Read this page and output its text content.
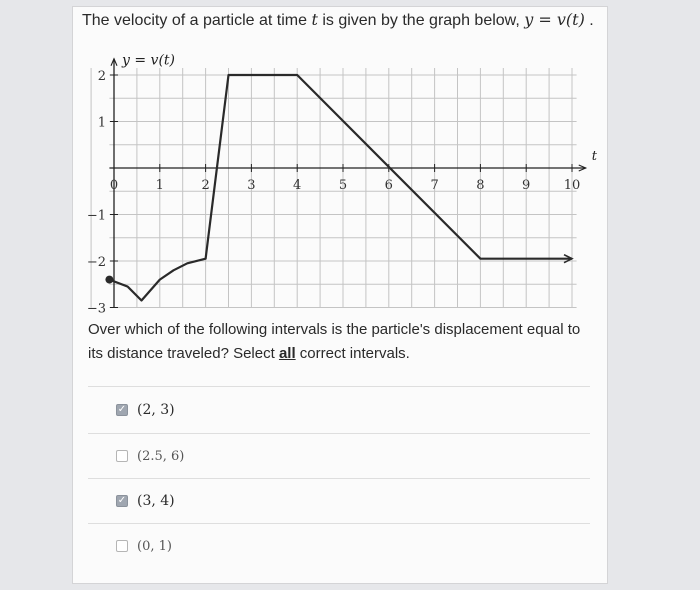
The velocity of a particle at time t is given by the graph below, y = v(t) .
t
y = v(t)
0	1	2	3	4	5	6	7	8	9	10
2
1
−1
−2
−3
Over which of the following intervals is the particle's displacement equal to its distance traveled? Select all correct intervals.
✓ (2, 3)
(2.5, 6)
✓ (3, 4)
(0, 1)
